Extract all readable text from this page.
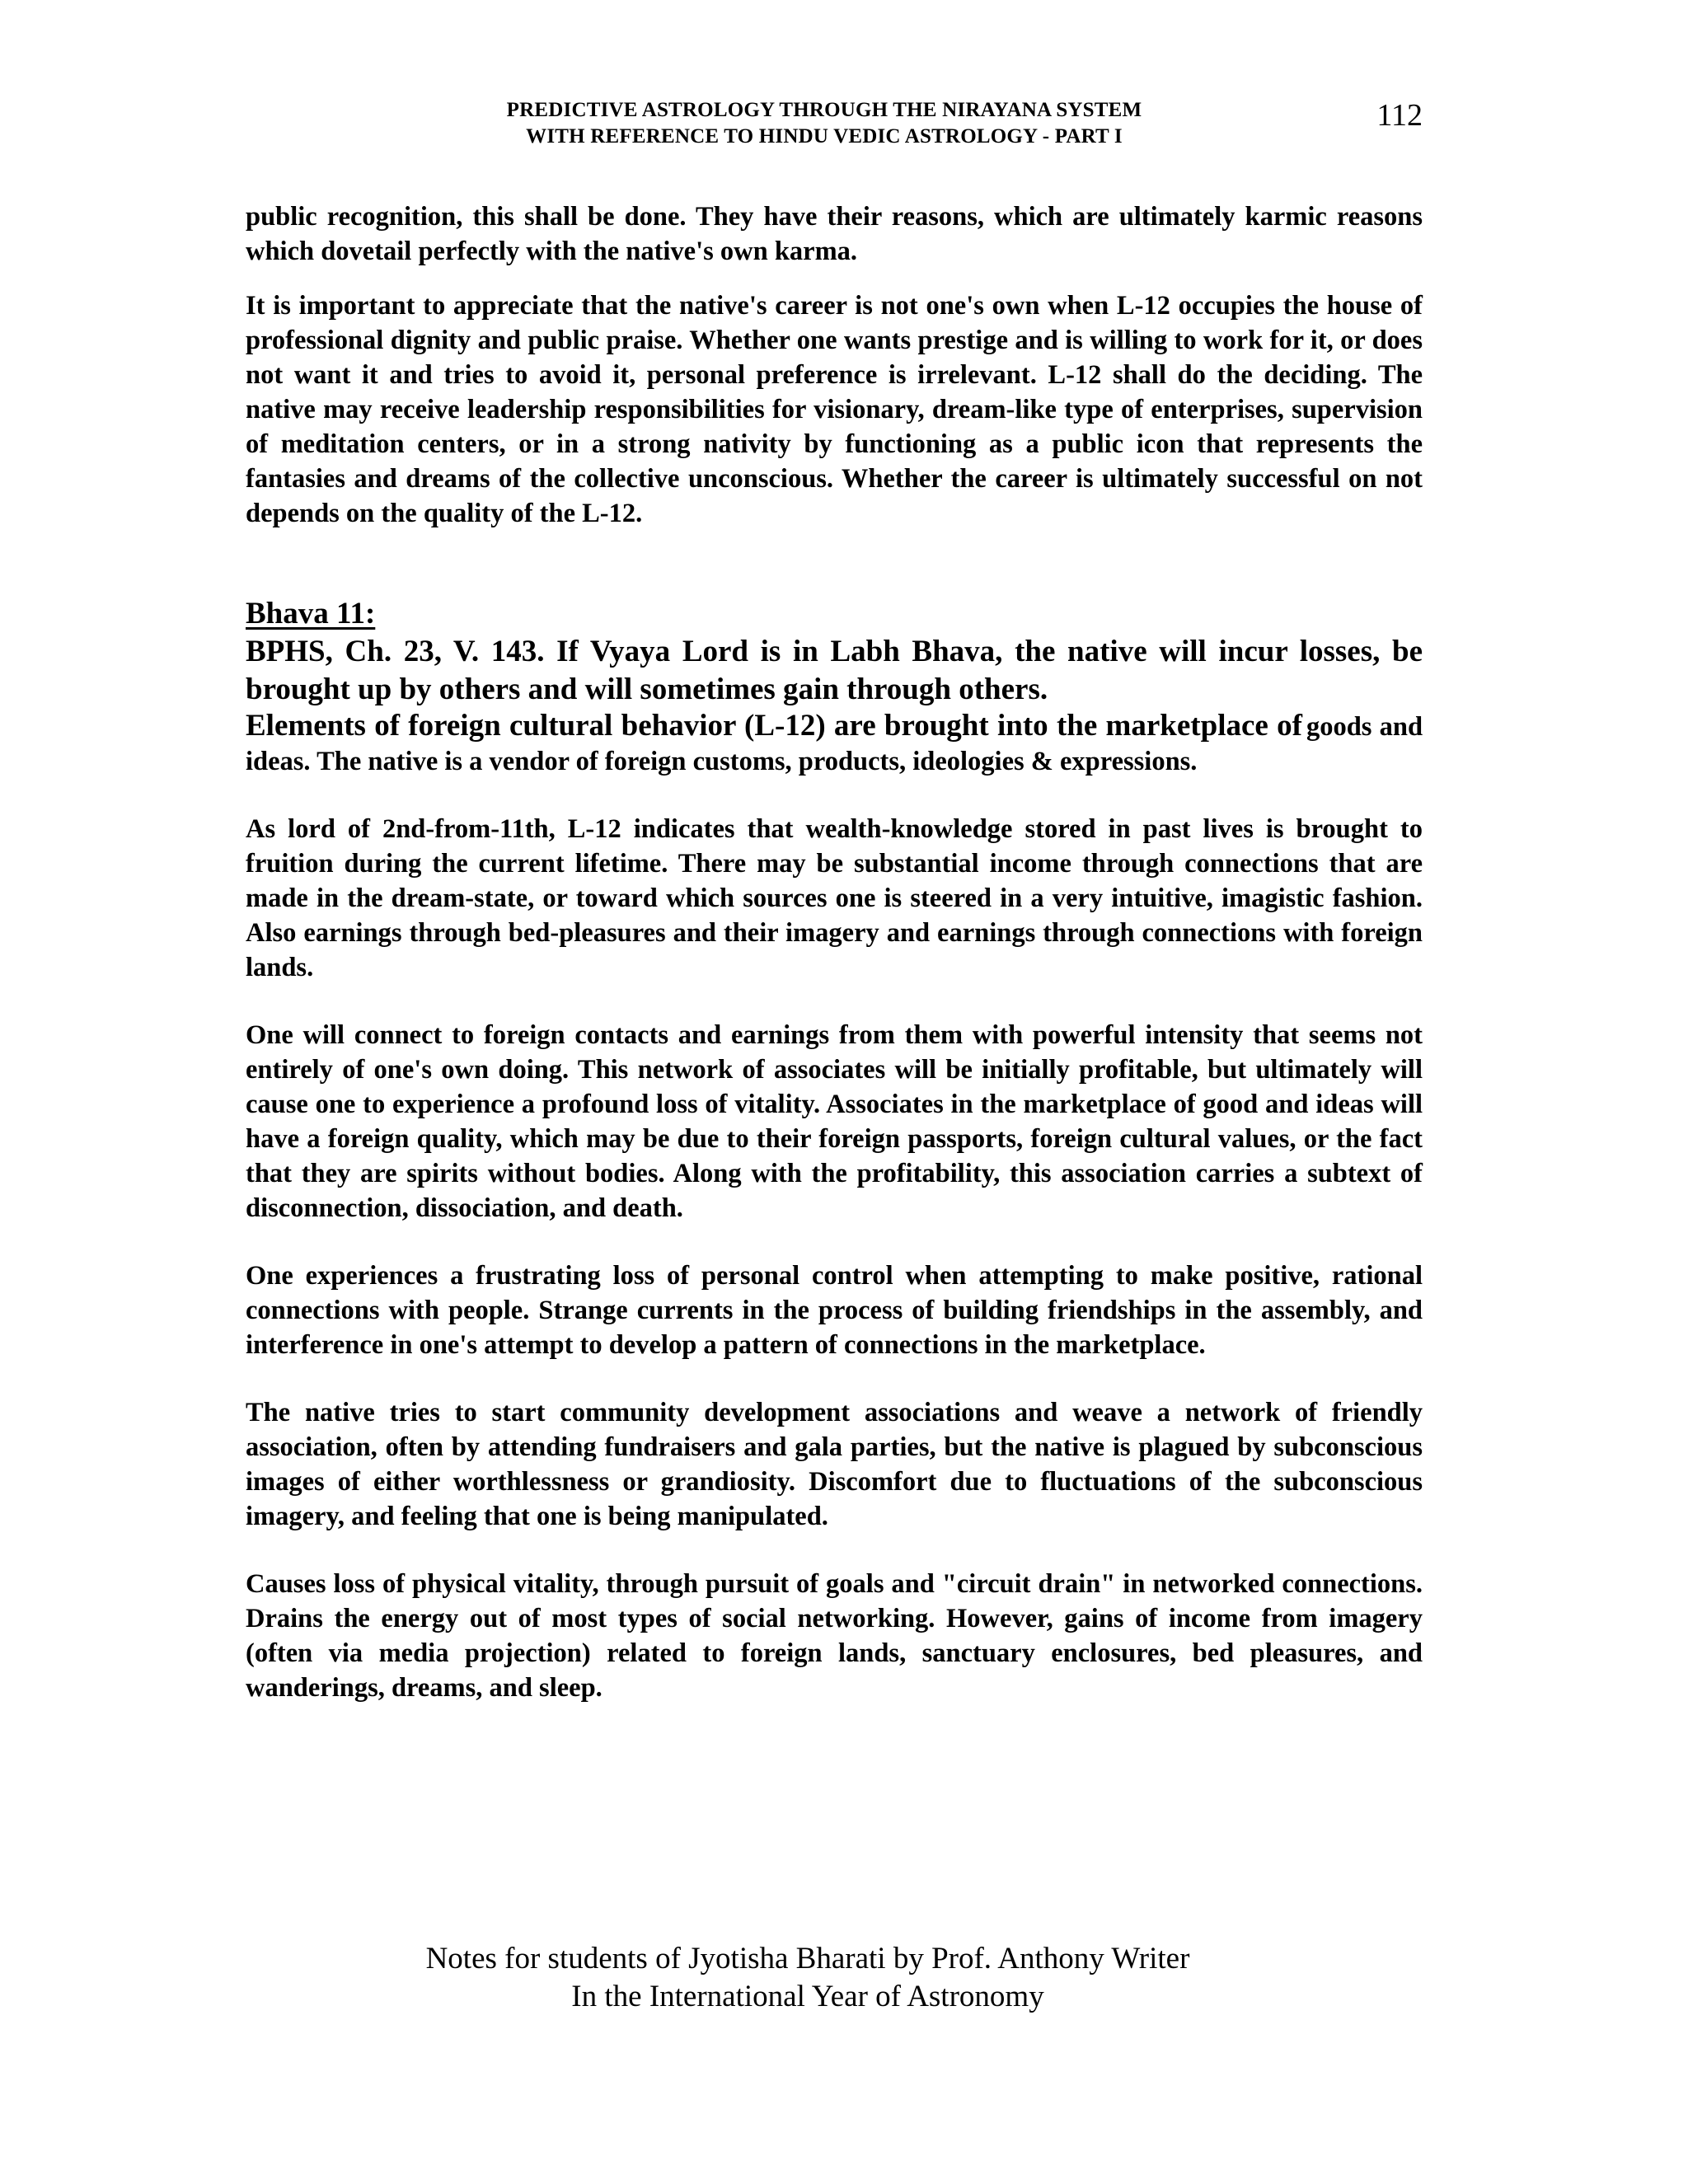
PREDICTIVE ASTROLOGY THROUGH THE NIRAYANA SYSTEM
WITH REFERENCE TO HINDU VEDIC ASTROLOGY - PART I
112

public recognition, this shall be done. They have their reasons, which are ultimately karmic reasons which dovetail perfectly with the native's own karma.

It is important to appreciate that the native's career is not one's own when L-12 occupies the house of professional dignity and public praise. Whether one wants prestige and is willing to work for it, or does not want it and tries to avoid it, personal preference is irrelevant. L-12 shall do the deciding. The native may receive leadership responsibilities for visionary, dream-like type of enterprises, supervision of meditation centers, or in a strong nativity by functioning as a public icon that represents the fantasies and dreams of the collective unconscious. Whether the career is ultimately successful on not depends on the quality of the L-12.

Bhava 11:
BPHS, Ch. 23, V. 143. If Vyaya Lord is in Labh Bhava, the native will incur losses, be brought up by others and will sometimes gain through others.
Elements of foreign cultural behavior (L-12) are brought into the marketplace of goods and ideas. The native is a vendor of foreign customs, products, ideologies & expressions.

As lord of 2nd-from-11th, L-12 indicates that wealth-knowledge stored in past lives is brought to fruition during the current lifetime. There may be substantial income through connections that are made in the dream-state, or toward which sources one is steered in a very intuitive, imagistic fashion. Also earnings through bed-pleasures and their imagery and earnings through connections with foreign lands.

One will connect to foreign contacts and earnings from them with powerful intensity that seems not entirely of one's own doing. This network of associates will be initially profitable, but ultimately will cause one to experience a profound loss of vitality. Associates in the marketplace of good and ideas will have a foreign quality, which may be due to their foreign passports, foreign cultural values, or the fact that they are spirits without bodies. Along with the profitability, this association carries a subtext of disconnection, dissociation, and death.

One experiences a frustrating loss of personal control when attempting to make positive, rational connections with people. Strange currents in the process of building friendships in the assembly, and interference in one's attempt to develop a pattern of connections in the marketplace.

The native tries to start community development associations and weave a network of friendly association, often by attending fundraisers and gala parties, but the native is plagued by subconscious images of either worthlessness or grandiosity. Discomfort due to fluctuations of the subconscious imagery, and feeling that one is being manipulated.

Causes loss of physical vitality, through pursuit of goals and "circuit drain" in networked connections. Drains the energy out of most types of social networking. However, gains of income from imagery (often via media projection) related to foreign lands, sanctuary enclosures, bed pleasures, and wanderings, dreams, and sleep.

Notes for students of Jyotisha Bharati by Prof. Anthony Writer
In the International Year of Astronomy
